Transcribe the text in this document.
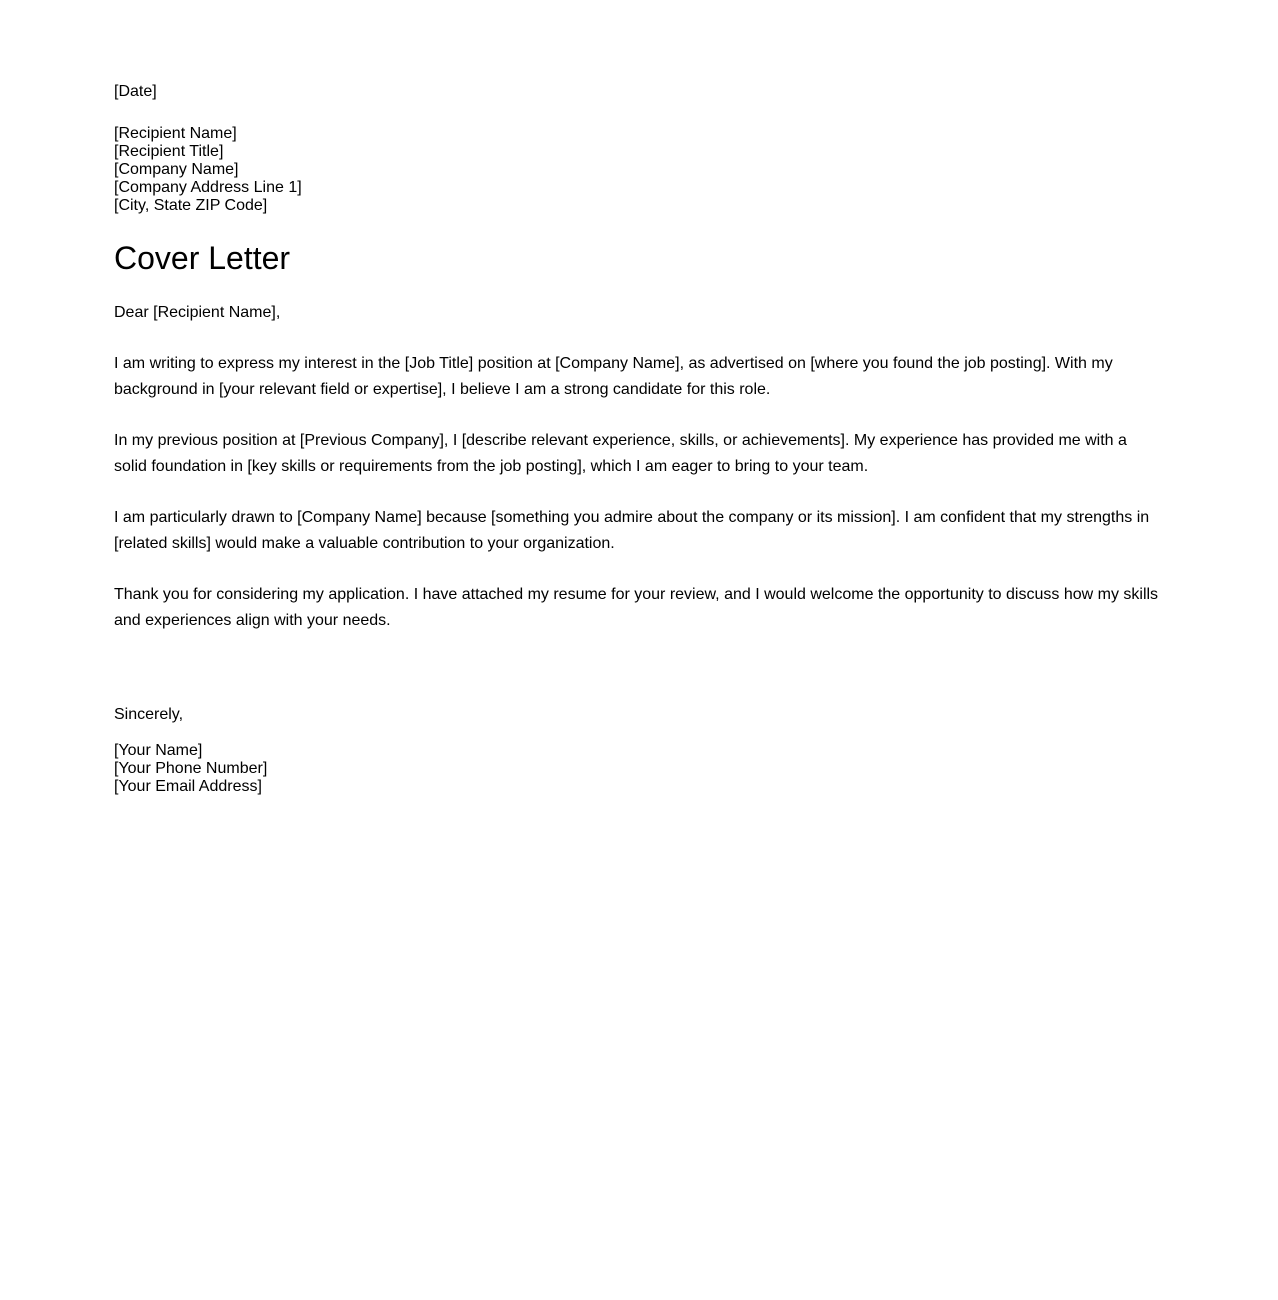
[Date]
[Recipient Name]
[Recipient Title]
[Company Name]
[Company Address Line 1]
[City, State ZIP Code]
Cover Letter
Dear [Recipient Name],

I am writing to express my interest in the [Job Title] position at [Company Name], as advertised on [where you found the job posting]. With my background in [your relevant field or expertise], I believe I am a strong candidate for this role.

In my previous position at [Previous Company], I [describe relevant experience, skills, or achievements]. My experience has provided me with a solid foundation in [key skills or requirements from the job posting], which I am eager to bring to your team.

I am particularly drawn to [Company Name] because [something you admire about the company or its mission]. I am confident that my strengths in [related skills] would make a valuable contribution to your organization.

Thank you for considering my application. I have attached my resume for your review, and I would welcome the opportunity to discuss how my skills and experiences align with your needs.

Sincerely,
[Your Name]
[Your Phone Number]
[Your Email Address]
